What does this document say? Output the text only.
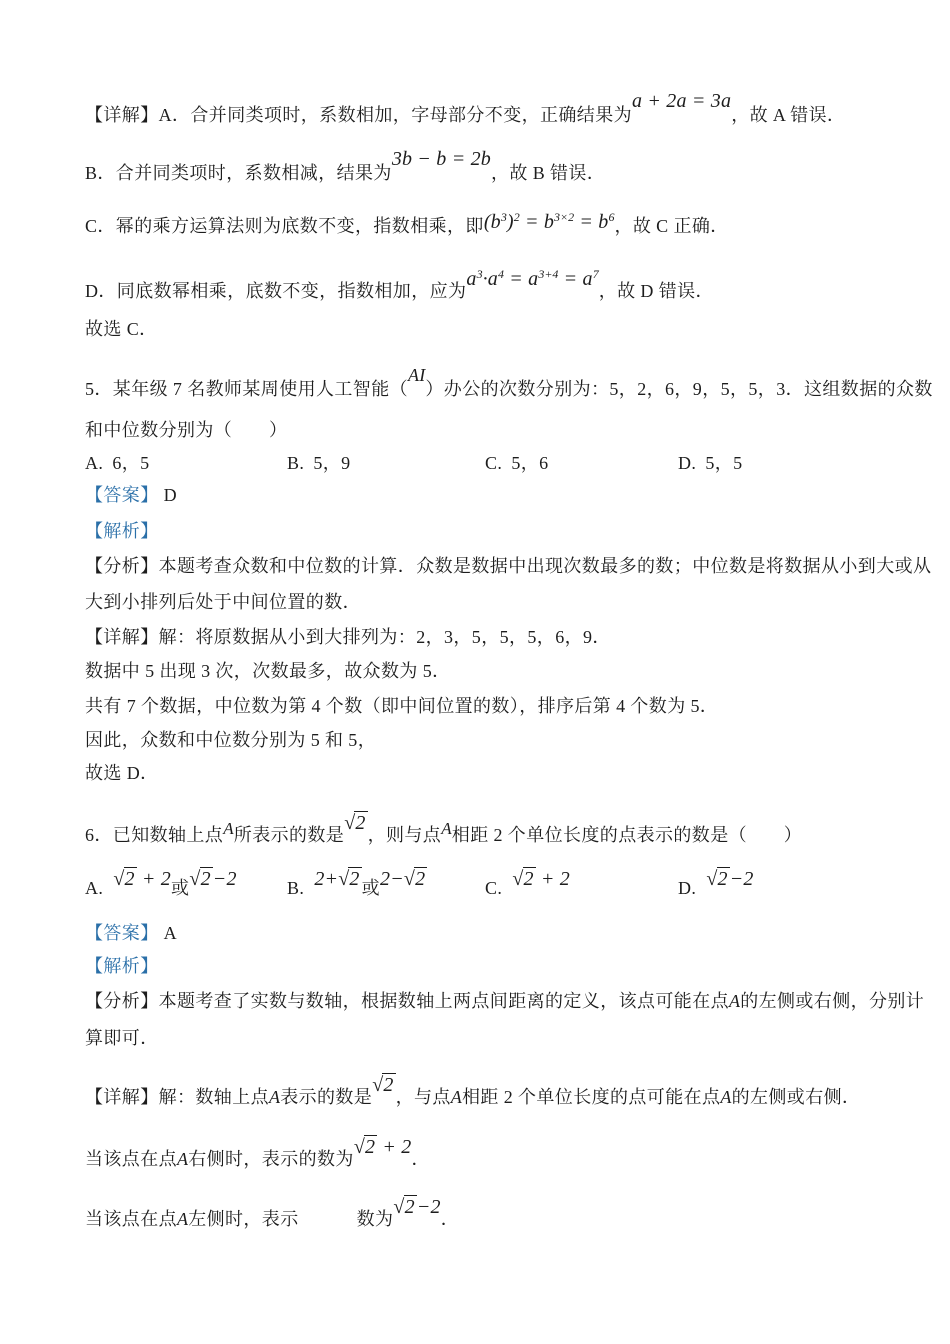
【详解】A．合并同类项时，系数相加，字母部分不变，正确结果为a + 2a = 3a，故 A 错误．
B．合并同类项时，系数相减，结果为3b − b = 2b，故 B 错误．
C．幂的乘方运算法则为底数不变，指数相乘，即$(b^3)^2 = b^{3\times 2} = b^6$，故 C 正确．
D．同底数幂相乘，底数不变，指数相加，应为$a^3\cdot a^4 = a^{3+4} = a^7$，故 D 错误．
故选 C．
5．某年级 7 名教师某周使用人工智能（AI）办公的次数分别为：5，2，6，9，5，5，3．这组数据的众数
和中位数分别为（　　）
A. 6，5	B. 5，9	C. 5，6	D. 5，5
【答案】 D
【解析】
【分析】本题考查众数和中位数的计算．众数是数据中出现次数最多的数；中位数是将数据从小到大或从
大到小排列后处于中间位置的数．
【详解】解：将原数据从小到大排列为：2，3，5，5，5，6，9．
数据中 5 出现 3 次，次数最多，故众数为 5．
共有 7 个数据，中位数为第 4 个数（即中间位置的数），排序后第 4 个数为 5．
因此，众数和中位数分别为 5 和 5，
故选 D．
6．已知数轴上点A所表示的数是√2，则与点A相距 2 个单位长度的点表示的数是（　　）
A. √2 + 2或√2 −2	B. 2+√2 或2−√2	C. √2 + 2	D. √2 −2
【答案】 A
【解析】
【分析】本题考查了实数与数轴，根据数轴上两点间距离的定义，该点可能在点A的左侧或右侧，分别计
算即可．
【详解】解：数轴上点A表示的数是√2，与点A相距 2 个单位长度的点可能在点A的左侧或右侧．
当该点在点A右侧时，表示的数为√2 + 2．
当该点在点A左侧时，表示	数为√2 −2．
